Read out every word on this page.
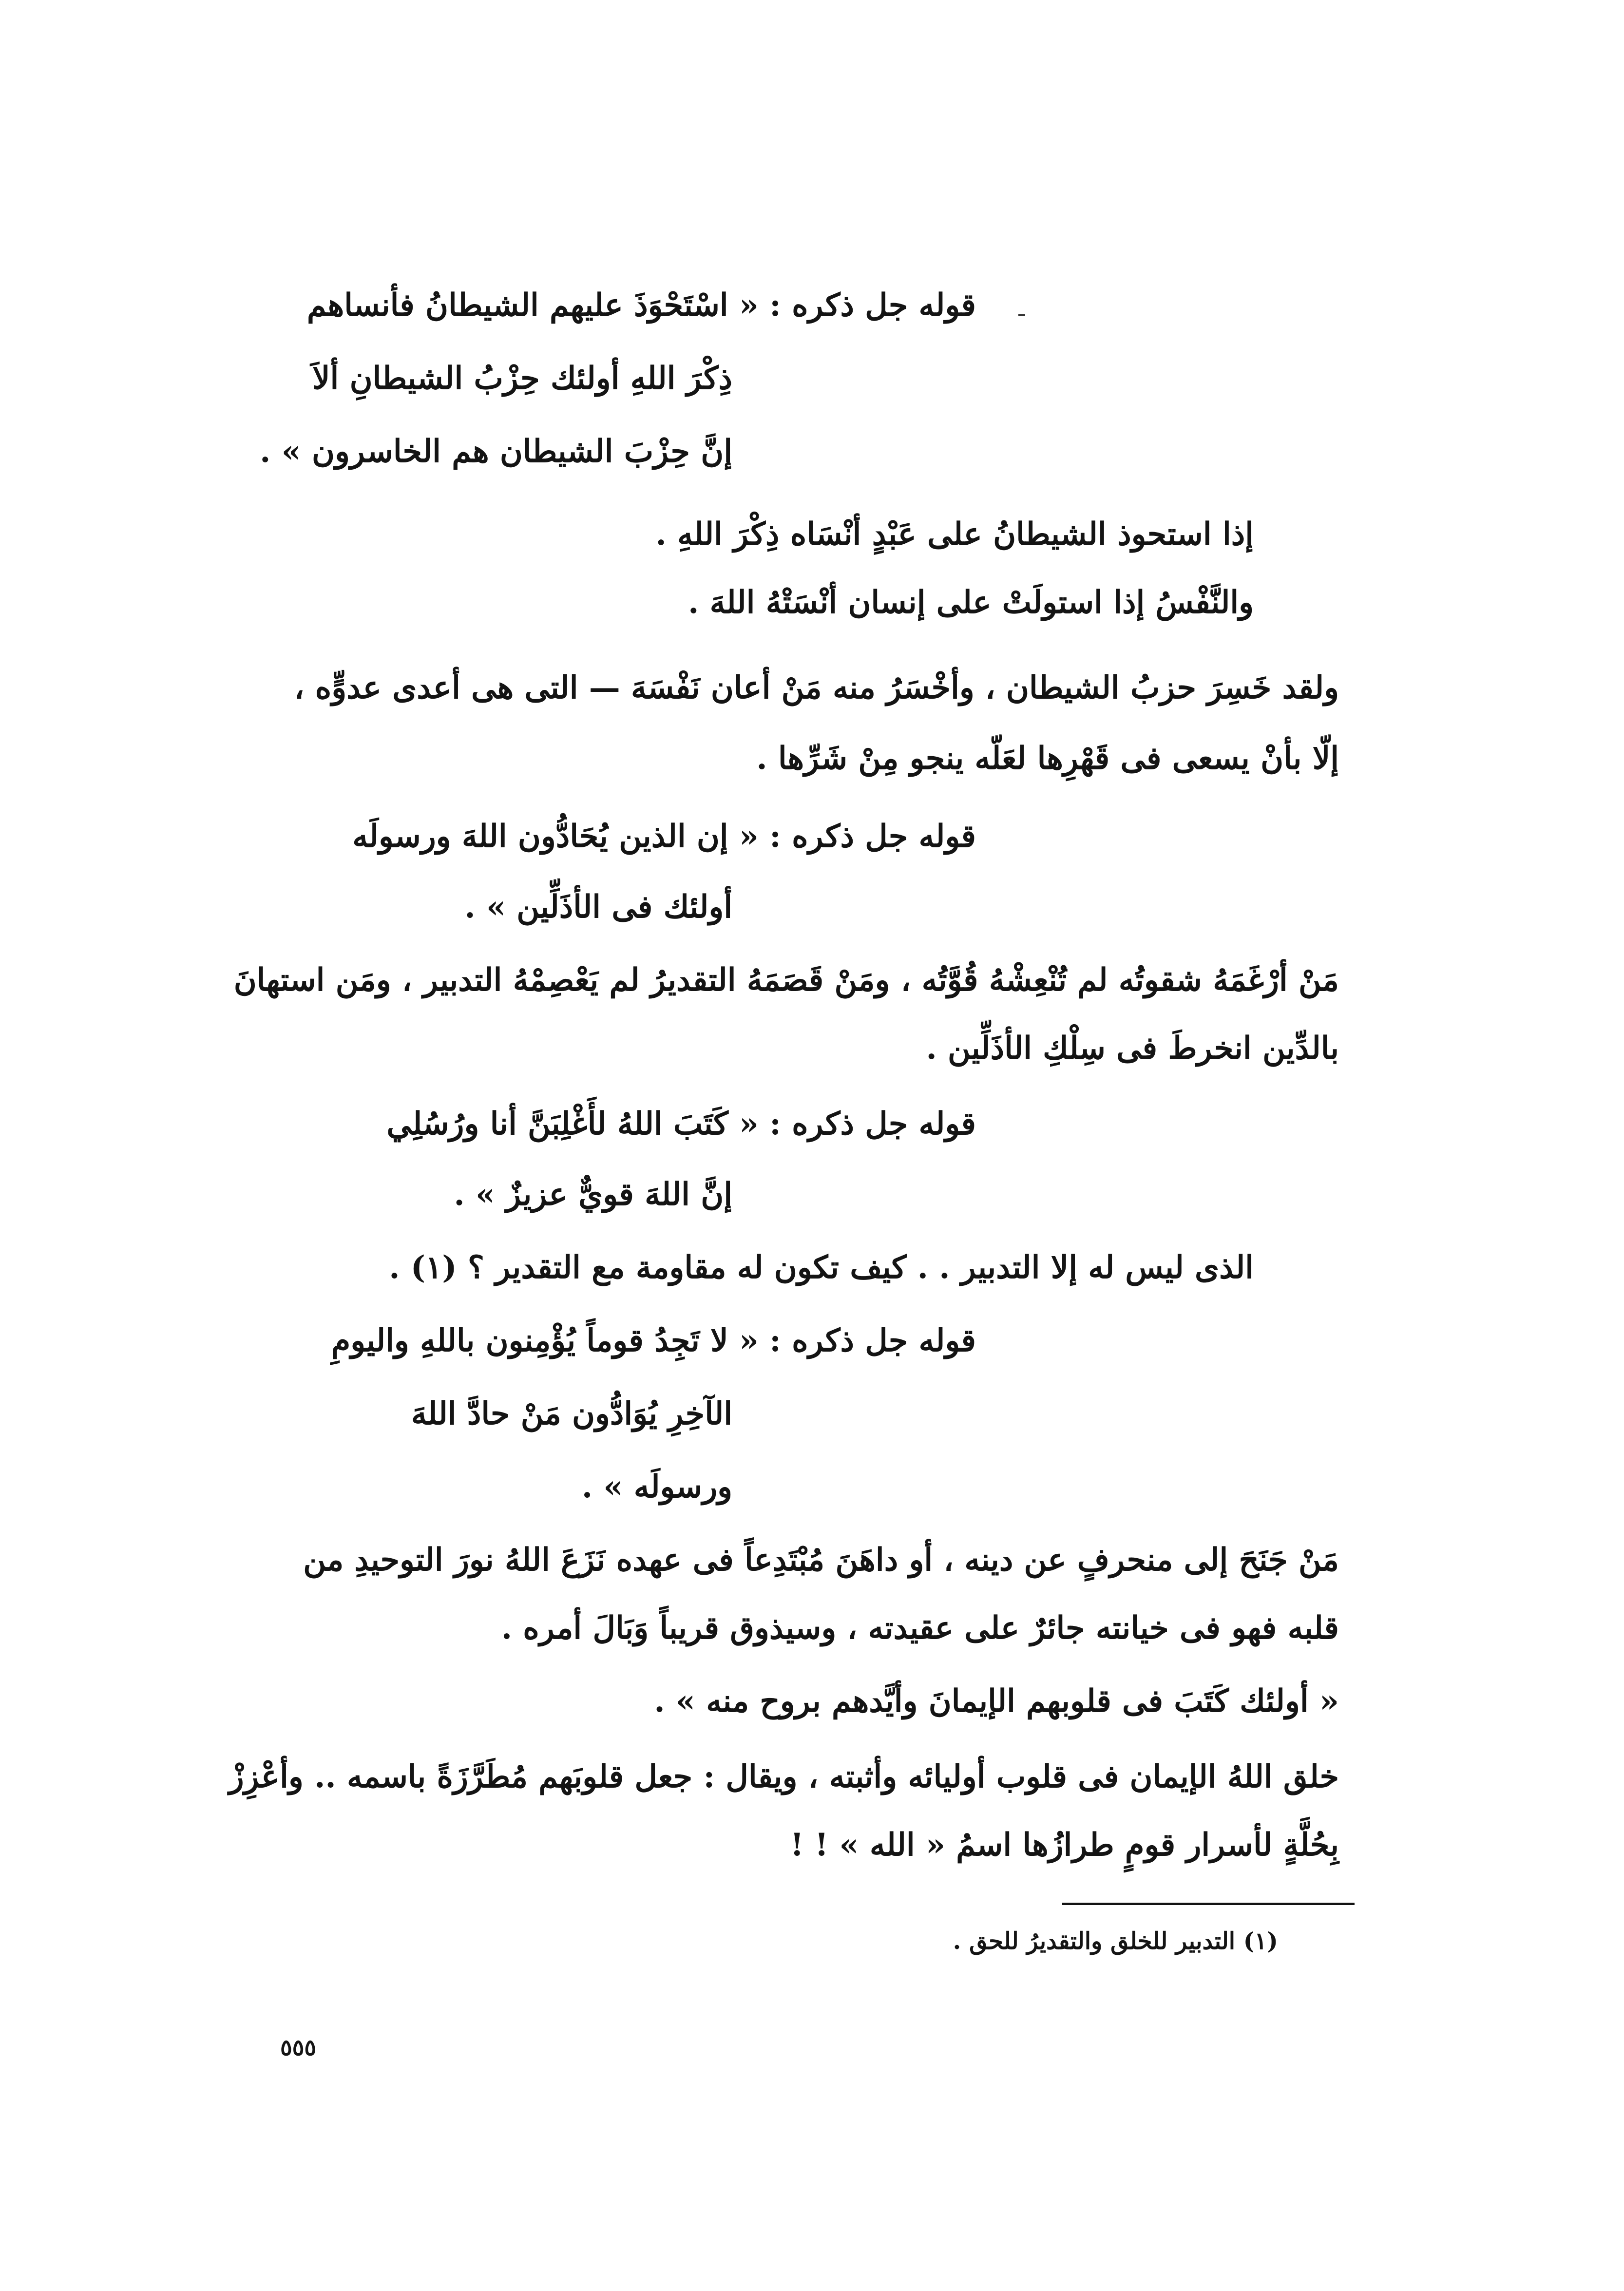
قوله جل ذكره : « اسْتَحْوَذَ عليهم الشيطانُ فأنساهم
ذِكْرَ اللهِ أولئك حِزْبُ الشيطانِ ألاَ
إنَّ حِزْبَ الشيطان هم الخاسرون » .
إذا استحوذ الشيطانُ على عَبْدٍ أنْسَاه ذِكْرَ اللهِ .
والنَّفْسُ إذا استولَتْ على إنسان أنْسَتْهُ اللهَ .
ولقد خَسِرَ حزبُ الشيطان ، وأخْسَرُ منه مَنْ أعان نَفْسَهَ — التى هى أعدى عدوٍّه ،
إلّا بأنْ يسعى فى قَهْرِها لعَلّه ينجو مِنْ شَرِّها .
قوله جل ذكره : « إن الذين يُحَادُّون اللهَ ورسولَه
أولئك فى الأذَلِّين » .
مَنْ أرْغَمَهُ شقوتُه لم تُنْعِشْهُ قُوَّتُه ، ومَنْ قَصَمَهُ التقديرُ لم يَعْصِمْهُ التدبير ، ومَن استهانَ
بالدِّين انخرطَ فى سِلْكِ الأذَلِّين .
قوله جل ذكره : « كَتَبَ اللهُ لأَغْلِبَنَّ أنا ورُسُلِي
إنَّ اللهَ قويٌّ عزيزٌ » .
الذى ليس له إلا التدبير . . كيف تكون له مقاومة مع التقدير ؟ (١) .
قوله جل ذكره : « لا تَجِدُ قوماً يُؤْمِنون باللهِ واليومِ
الآخِرِ يُوَادُّون مَنْ حادَّ اللهَ
ورسولَه » .
مَنْ جَنَحَ إلى منحرفٍ عن دينه ، أو داهَنَ مُبْتَدِعاً فى عهده نَزَعَ اللهُ نورَ التوحيدِ من
قلبه فهو فى خيانته جائرٌ على عقيدته ، وسيذوق قريباً وَبَالَ أمره .
« أولئك كَتَبَ فى قلوبهم الإيمانَ وأيَّدهم بروح منه » .
خلق اللهُ الإيمان فى قلوب أوليائه وأثبته ، ويقال : جعل قلوبَهم مُطَرَّزَةً باسمه .. وأعْزِزْ
بِحُلَّةٍ لأسرار قومٍ طرازُها اسمُ « الله » ! !
(١) التدبير للخلق والتقديرُ للحق .
٥٥٥
